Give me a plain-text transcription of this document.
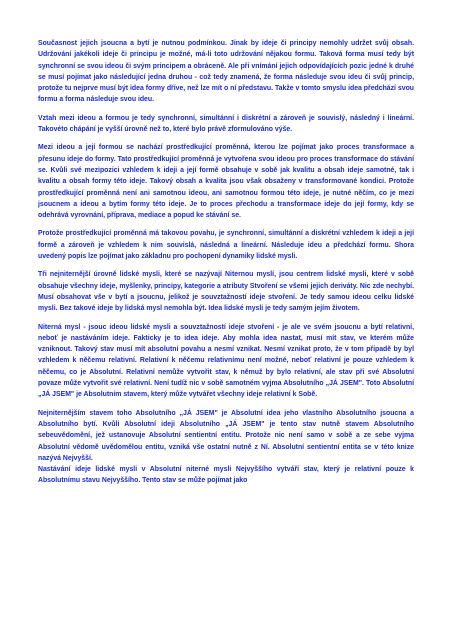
Současnost jejich jsoucna a bytí je nutnou podmínkou. Jinak by ideje či principy nemohly udržet svůj obsah. Udržování jakékoli ideje či principu je možné, má-li toto udržování nějakou formu. Taková forma musí tedy být synchronní se svou ideou či svým principem a obráceně. Ale při vnímání jejich odpovídajících pozic jedné k druhé se musí pojímat jako následující jedna druhou - což tedy znamená, že forma následuje svou ideu či svůj princip, protože tu nejprve musí být idea formy dříve, než lze mít o ní představu. Takže v tomto smyslu idea předchází svou formu a forma následuje svou ideu.

Vztah mezi ideou a formou je tedy synchronní, simultánní i diskrétní a zároveň je souvislý, následný i lineární. Takovéto chápání je vyšší úrovně než to, které bylo právě zformulováno výše.

Mezi ideou a její formou se nachází prostředkující proměnná, kterou lze pojímat jako proces transformace a přesunu ideje do formy. Tato prostředkující proměnná je vytvořena svou ideou pro proces transformace do stávání se. Kvůli své mezipozici vzhledem k ideji a její formě obsahuje v sobě jak kvalitu a obsah ideje samotné, tak i kvalitu a obsah formy této ideje. Takový obsah a kvalita jsou však obsaženy v transformované kondici. Protože prostředkující proměnná není ani samotnou ideou, ani samotnou formou této ideje, je nutné něčím, co je mezi jsoucnem a ideou a bytím formy této ideje. Je to proces přechodu a transformace ideje do její formy, kdy se odehrává vyrovnání, příprava, mediace a popud ke stávání se.

Protože prostředkující proměnná má takovou povahu, je synchronní, simultánní a diskrétní vzhledem k ideji a její formě a zároveň je vzhledem k nim souvislá, následná a lineární. Následuje ideu a předchází formu. Shora uvedený popis lze pojímat jako základnu pro pochopení dynamiky lidské mysli.

Tři nejniternější úrovně lidské mysli, které se nazývají Niternou myslí, jsou centrem lidské mysli, které v sobě obsahuje všechny ideje, myšlenky, principy, kategorie a atributy Stvoření se všemi jejich deriváty. Nic zde nechybí. Musí obsahovat vše v bytí a jsoucnu, jelikož je souvztažností ideje stvoření. Je tedy samou ideou celku lidské mysli. Bez takové ideje by lidská mysl nemohla být. Idea lidské mysli je tedy samým jejím životem.

Niterná mysl - jsouc ideou lidské mysli a souvztažností ideje stvoření - je ale ve svém jsoucnu a bytí relativní, neboť je nastáváním ideje. Fakticky je to idea ideje. Aby mohla idea nastat, musí mít stav, ve kterém může vzniknout. Takový stav musí mít absolutní povahu a nesmí vznikat. Nesmí vznikat proto, že v tom případě by byl vzhledem k něčemu relativní. Relativní k něčemu relativnímu není možné, neboť relativní je pouze vzhledem k něčemu, co je Absolutní. Relativní nemůže vytvořit stav, k němuž by bylo relativní, ale stav při své Absolutní povaze může vytvořit své relativní. Není tudíž nic v sobě samotném vyjma Absolutního „JÁ JSEM". Toto Absolutní „JÁ JSEM" je Absolutním stavem, který může vytvářet všechny ideje relativní k Sobě.

Nejniternějším stavem toho Absolutního „JÁ JSEM" je Absolutní idea jeho vlastního Absolutního jsoucna a Absolutního bytí. Kvůli Absolutní ideji Absolutního „JÁ JSEM" je tento stav nutně stavem Absolutního sebeuvědomění, jež ustanovuje Absolutní sentientní entitu. Protože nic není samo v sobě a ze sebe vyjma Absolutní vědomě uvědomělou entitu, vzniká vše ostatní nutně z Ní. Absolutní sentientní entita se v této knize nazývá Nejvyšší.

Nastávání ideje lidské mysli v Absolutní niterné mysli Nejvyššího vytváří stav, který je relativní pouze k Absolutnímu stavu Nejvyššího. Tento stav se může pojímat jako
